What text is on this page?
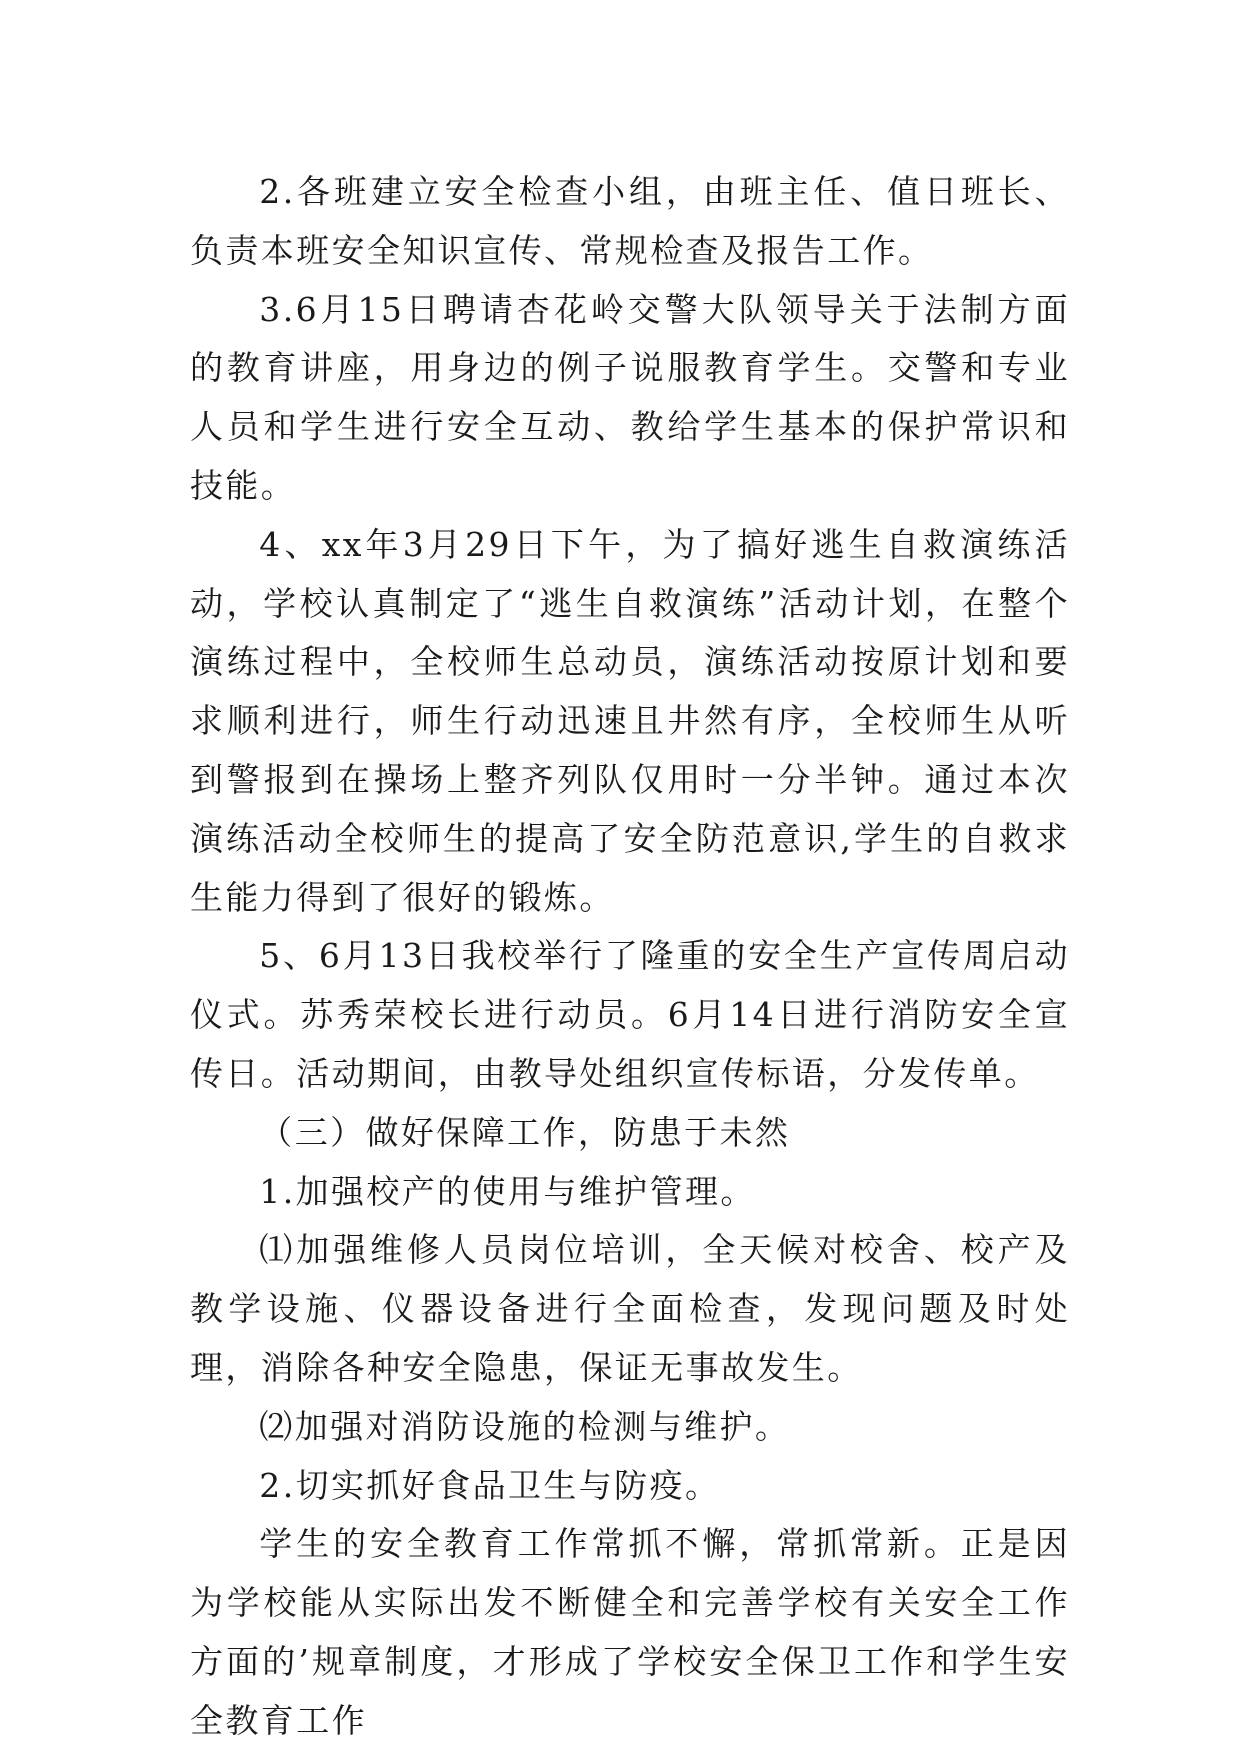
2.各班建立安全检查小组，由班主任、值日班长、负责本班安全知识宣传、常规检查及报告工作。

3.6月15日聘请杏花岭交警大队领导关于法制方面的教育讲座，用身边的例子说服教育学生。交警和专业人员和学生进行安全互动、教给学生基本的保护常识和技能。

4、xx年3月29日下午，为了搞好逃生自救演练活动，学校认真制定了“逃生自救演练”活动计划，在整个演练过程中，全校师生总动员，演练活动按原计划和要求顺利进行，师生行动迅速且井然有序，全校师生从听到警报到在操场上整齐列队仅用时一分半钟。通过本次演练活动全校师生的提高了安全防范意识,学生的自救求生能力得到了很好的锻炼。

5、6月13日我校举行了隆重的安全生产宣传周启动仪式。苏秀荣校长进行动员。6月14日进行消防安全宣传日。活动期间，由教导处组织宣传标语，分发传单。

（三）做好保障工作，防患于未然

1.加强校产的使用与维护管理。

⑴加强维修人员岗位培训，全天候对校舍、校产及教学设施、仪器设备进行全面检查，发现问题及时处理，消除各种安全隐患，保证无事故发生。

⑵加强对消防设施的检测与维护。

2.切实抓好食品卫生与防疫。

学生的安全教育工作常抓不懈，常抓常新。正是因为学校能从实际出发不断健全和完善学校有关安全工作方面的’规章制度，才形成了学校安全保卫工作和学生安全教育工作
